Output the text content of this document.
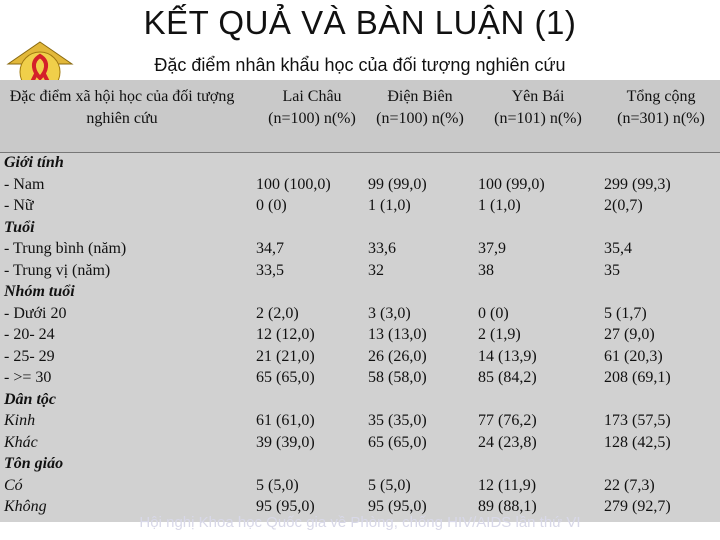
KẾT QUẢ VÀ BÀN LUẬN (1)
Đặc điểm nhân khẩu học của đối tượng nghiên cứu
Đặc điểm xã hội học của đối tượng nghiên cứu
Lai Châu (n=100) n(%)
Điện Biên (n=100) n(%)
Yên Bái (n=101) n(%)
Tổng cộng (n=301) n(%)
Giới tính
- Nam
- Nữ
Tuổi
- Trung bình (năm)
- Trung vị (năm)
Nhóm tuổi
- Dưới 20
- 20- 24
- 25- 29
- >= 30
Dân tộc
Kinh
Khác
Tôn giáo
Có
Không
100 (100,0)
0 (0)
34,7
33,5
2 (2,0)
12 (12,0)
21 (21,0)
65 (65,0)
61 (61,0)
39 (39,0)
5 (5,0)
95 (95,0)
99 (99,0)
1 (1,0)
33,6
32
3 (3,0)
13 (13,0)
26 (26,0)
58 (58,0)
35 (35,0)
65 (65,0)
5 (5,0)
95 (95,0)
100 (99,0)
1 (1,0)
37,9
38
0 (0)
2 (1,9)
14 (13,9)
85 (84,2)
77 (76,2)
24 (23,8)
12 (11,9)
89 (88,1)
299 (99,3)
2(0,7)
35,4
35
5 (1,7)
27 (9,0)
61 (20,3)
208 (69,1)
173 (57,5)
128 (42,5)
22 (7,3)
279 (92,7)
Hội nghị Khoa học Quốc gia về Phòng, chống HIV/AIDS lần thứ VI
